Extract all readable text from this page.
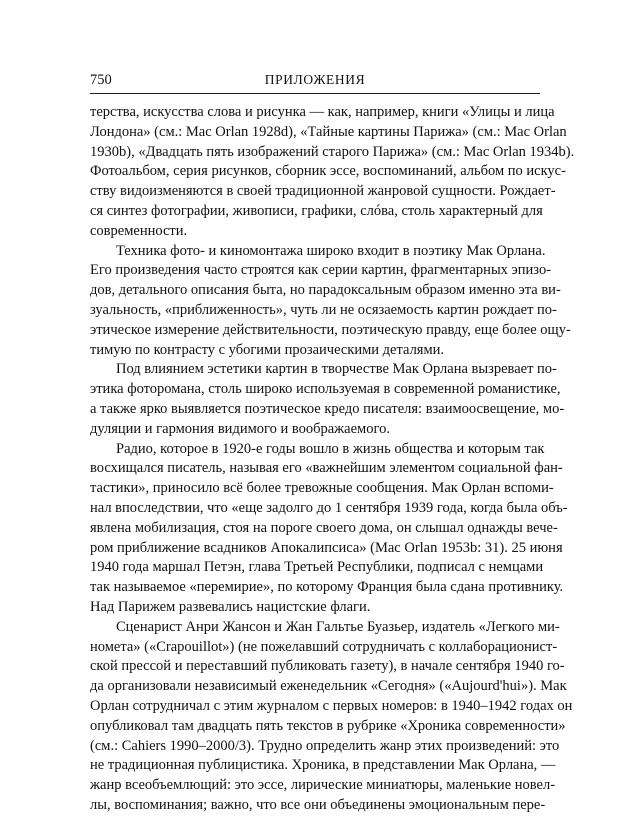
750	ПРИЛОЖЕНИЯ
терства, искусства слова и рисунка — как, например, книги «Улицы и лица
Лондона» (см.: Mac Orlan 1928d), «Тайные картины Парижа» (см.: Mac Orlan
1930b), «Двадцать пять изображений старого Парижа» (см.: Mac Orlan 1934b).
Фотоальбом, серия рисунков, сборник эссе, воспоминаний, альбом по искус-
ству видоизменяются в своей традиционной жанровой сущности. Рождает-
ся синтез фотографии, живописи, графики, слóва, столь характерный для
современности.
Техника фото- и киномонтажа широко входит в поэтику Мак Орлана.
Его произведения часто строятся как серии картин, фрагментарных эпизо-
дов, детального описания быта, но парадоксальным образом именно эта ви-
зуальность, «приближенность», чуть ли не осязаемость картин рождает по-
этическое измерение действительности, поэтическую правду, еще более ощу-
тимую по контрасту с убогими прозаическими деталями.
Под влиянием эстетики картин в творчестве Мак Орлана вызревает по-
этика фоторомана, столь широко используемая в современной романистике,
а также ярко выявляется поэтическое кредо писателя: взаимоосвещение, мо-
дуляции и гармония видимого и воображаемого.
Радио, которое в 1920-е годы вошло в жизнь общества и которым так
восхищался писатель, называя его «важнейшим элементом социальной фан-
тастики», приносило всё более тревожные сообщения. Мак Орлан вспоми-
нал впоследствии, что «еще задолго до 1 сентября 1939 года, когда была объ-
явлена мобилизация, стоя на пороге своего дома, он слышал однажды вече-
ром приближение всадников Апокалипсиса» (Mac Orlan 1953b: 31). 25 июня
1940 года маршал Петэн, глава Третьей Республики, подписал с немцами
так называемое «перемирие», по которому Франция была сдана противнику.
Над Парижем развевались нацистские флаги.
Сценарист Анри Жансон и Жан Гальтье Буазьер, издатель «Легкого ми-
номета» («Crapouillot») (не пожелавший сотрудничать с коллаборационист-
ской прессой и переставший публиковать газету), в начале сентября 1940 го-
да организовали независимый еженедельник «Сегодня» («Aujourd'hui»). Мак
Орлан сотрудничал с этим журналом с первых номеров: в 1940–1942 годах он
опубликовал там двадцать пять текстов в рубрике «Хроника современности»
(см.: Cahiers 1990–2000/3). Трудно определить жанр этих произведений: это
не традиционная публицистика. Хроника, в представлении Мак Орлана, —
жанр всеобъемлющий: это эссе, лирические миниатюры, маленькие новел-
лы, воспоминания; важно, что все они объединены эмоциональным пере-
